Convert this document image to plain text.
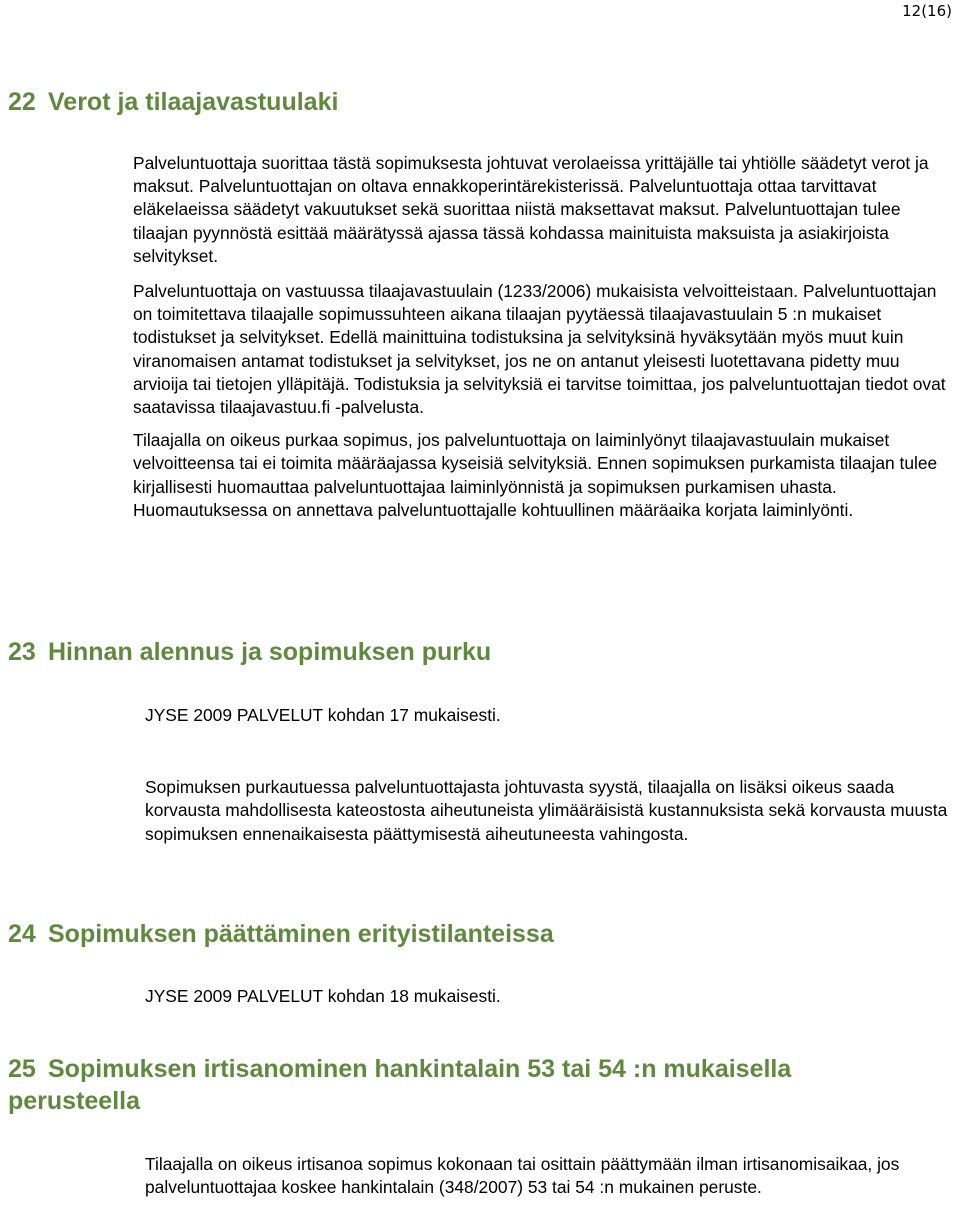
12(16)
22 Verot ja tilaajavastuulaki

Palveluntuottaja suorittaa tästä sopimuksesta johtuvat verolaeissa yrittäjälle tai yhtiölle säädetyt verot ja maksut. Palveluntuottajan on oltava ennakkoperintärekisterissä. Palveluntuottaja ottaa tarvittavat eläkelaeissa säädetyt vakuutukset sekä suorittaa niistä maksettavat maksut. Palveluntuottajan tulee tilaajan pyynnöstä esittää määrätyssä ajassa tässä kohdassa mainituista maksuista ja asiakirjoista selvitykset.

Palveluntuottaja on vastuussa tilaajavastuulain (1233/2006) mukaisista velvoitteistaan. Palveluntuottajan on toimitettava tilaajalle sopimussuhteen aikana tilaajan pyytäessä tilaajavastuulain 5 :n mukaiset todistukset ja selvitykset. Edellä mainittuina todistuksina ja selvityksinä hyväksytään myös muut kuin viranomaisen antamat todistukset ja selvitykset, jos ne on antanut yleisesti luotettavana pidetty muu arvioija tai tietojen ylläpitäjä. Todistuksia ja selvityksiä ei tarvitse toimittaa, jos palveluntuottajan tiedot ovat saatavissa tilaajavastuu.fi -palvelusta.

Tilaajalla on oikeus purkaa sopimus, jos palveluntuottaja on laiminlyönyt tilaajavastuulain mukaiset velvoitteensa tai ei toimita määräajassa kyseisiä selvityksiä. Ennen sopimuksen purkamista tilaajan tulee kirjallisesti huomauttaa palveluntuottajaa laiminlyönnistä ja sopimuksen purkamisen uhasta. Huomautuksessa on annettava palveluntuottajalle kohtuullinen määräaika korjata laiminlyönti.

23 Hinnan alennus ja sopimuksen purku

JYSE 2009 PALVELUT kohdan 17 mukaisesti.

Sopimuksen purkautuessa palveluntuottajasta johtuvasta syystä, tilaajalla on lisäksi oikeus saada korvausta mahdollisesta kateostosta aiheutuneista ylimääräisistä kustannuksista sekä korvausta muusta sopimuksen ennenaikaisesta päättymisestä aiheutuneesta vahingosta.

24 Sopimuksen päättäminen erityistilanteissa

JYSE 2009 PALVELUT kohdan 18 mukaisesti.

25 Sopimuksen irtisanominen hankintalain 53 tai 54 :n mukaisella perusteella

Tilaajalla on oikeus irtisanoa sopimus kokonaan tai osittain päättymään ilman irtisanomisaikaa, jos palveluntuottajaa koskee hankintalain (348/2007) 53 tai 54 :n mukainen peruste.
